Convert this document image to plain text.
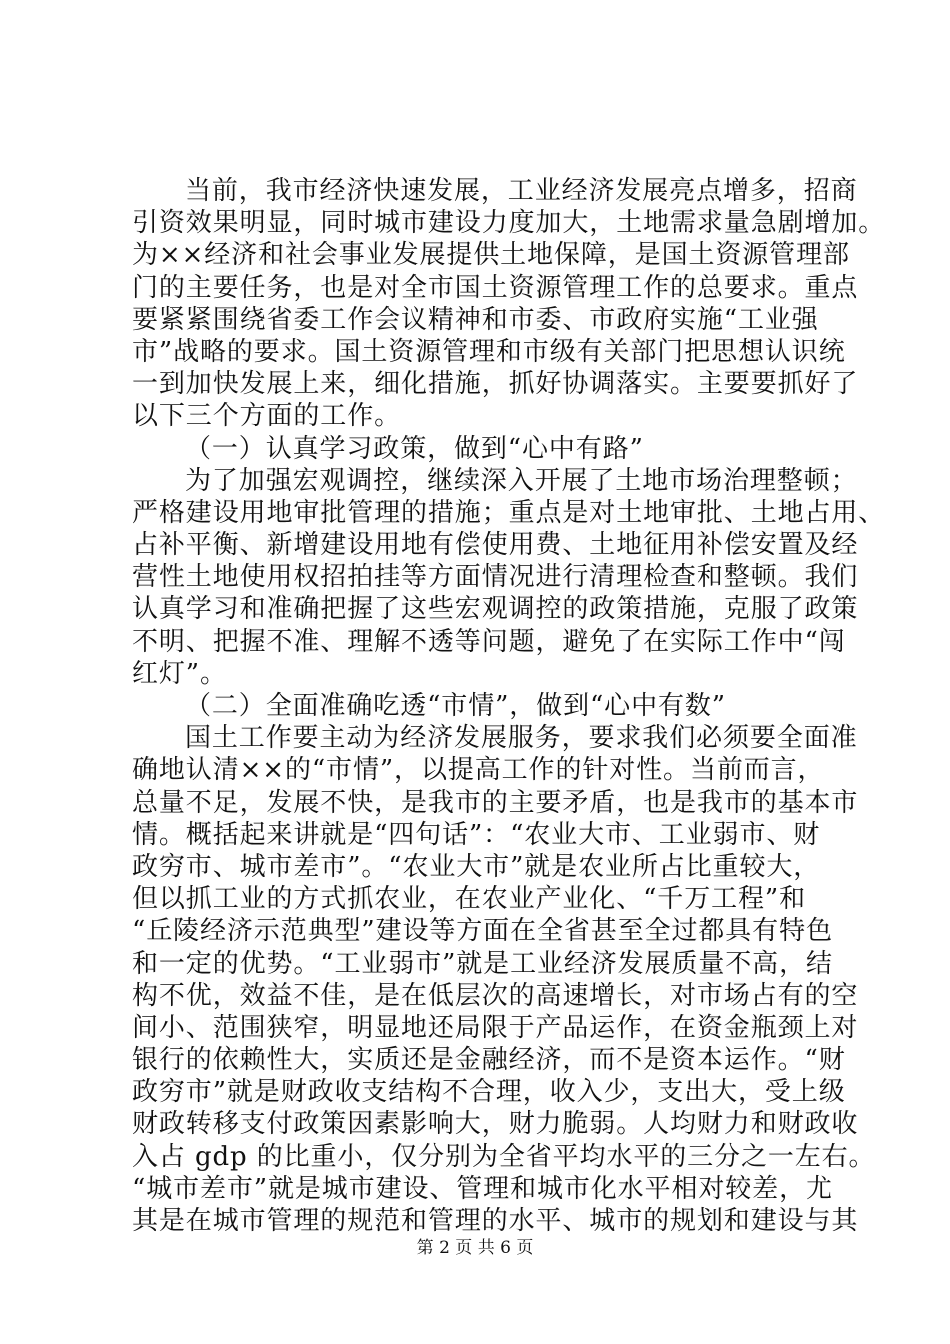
当前，我市经济快速发展，工业经济发展亮点增多，招商
引资效果明显，同时城市建设力度加大，土地需求量急剧增加。
为××经济和社会事业发展提供土地保障，是国土资源管理部
门的主要任务，也是对全市国土资源管理工作的总要求。重点
要紧紧围绕省委工作会议精神和市委、市政府实施“工业强
市”战略的要求。国土资源管理和市级有关部门把思想认识统
一到加快发展上来，细化措施，抓好协调落实。主要要抓好了
以下三个方面的工作。
（一）认真学习政策，做到“心中有路”
为了加强宏观调控，继续深入开展了土地市场治理整顿；
严格建设用地审批管理的措施；重点是对土地审批、土地占用、
占补平衡、新增建设用地有偿使用费、土地征用补偿安置及经
营性土地使用权招拍挂等方面情况进行清理检查和整顿。我们
认真学习和准确把握了这些宏观调控的政策措施，克服了政策
不明、把握不准、理解不透等问题，避免了在实际工作中“闯
红灯”。
（二）全面准确吃透“市情”，做到“心中有数”
国土工作要主动为经济发展服务，要求我们必须要全面准
确地认清××的“市情”，以提高工作的针对性。当前而言，
总量不足，发展不快，是我市的主要矛盾，也是我市的基本市
情。概括起来讲就是“四句话”：“农业大市、工业弱市、财
政穷市、城市差市”。“农业大市”就是农业所占比重较大，
但以抓工业的方式抓农业，在农业产业化、“千万工程”和
“丘陵经济示范典型”建设等方面在全省甚至全过都具有特色
和一定的优势。“工业弱市”就是工业经济发展质量不高，结
构不优，效益不佳，是在低层次的高速增长，对市场占有的空
间小、范围狭窄，明显地还局限于产品运作，在资金瓶颈上对
银行的依赖性大，实质还是金融经济，而不是资本运作。“财
政穷市”就是财政收支结构不合理，收入少，支出大，受上级
财政转移支付政策因素影响大，财力脆弱。人均财力和财政收
入占 gdp 的比重小，仅分别为全省平均水平的三分之一左右。
“城市差市”就是城市建设、管理和城市化水平相对较差，尤
其是在城市管理的规范和管理的水平、城市的规划和建设与其
第 2 页 共 6 页
